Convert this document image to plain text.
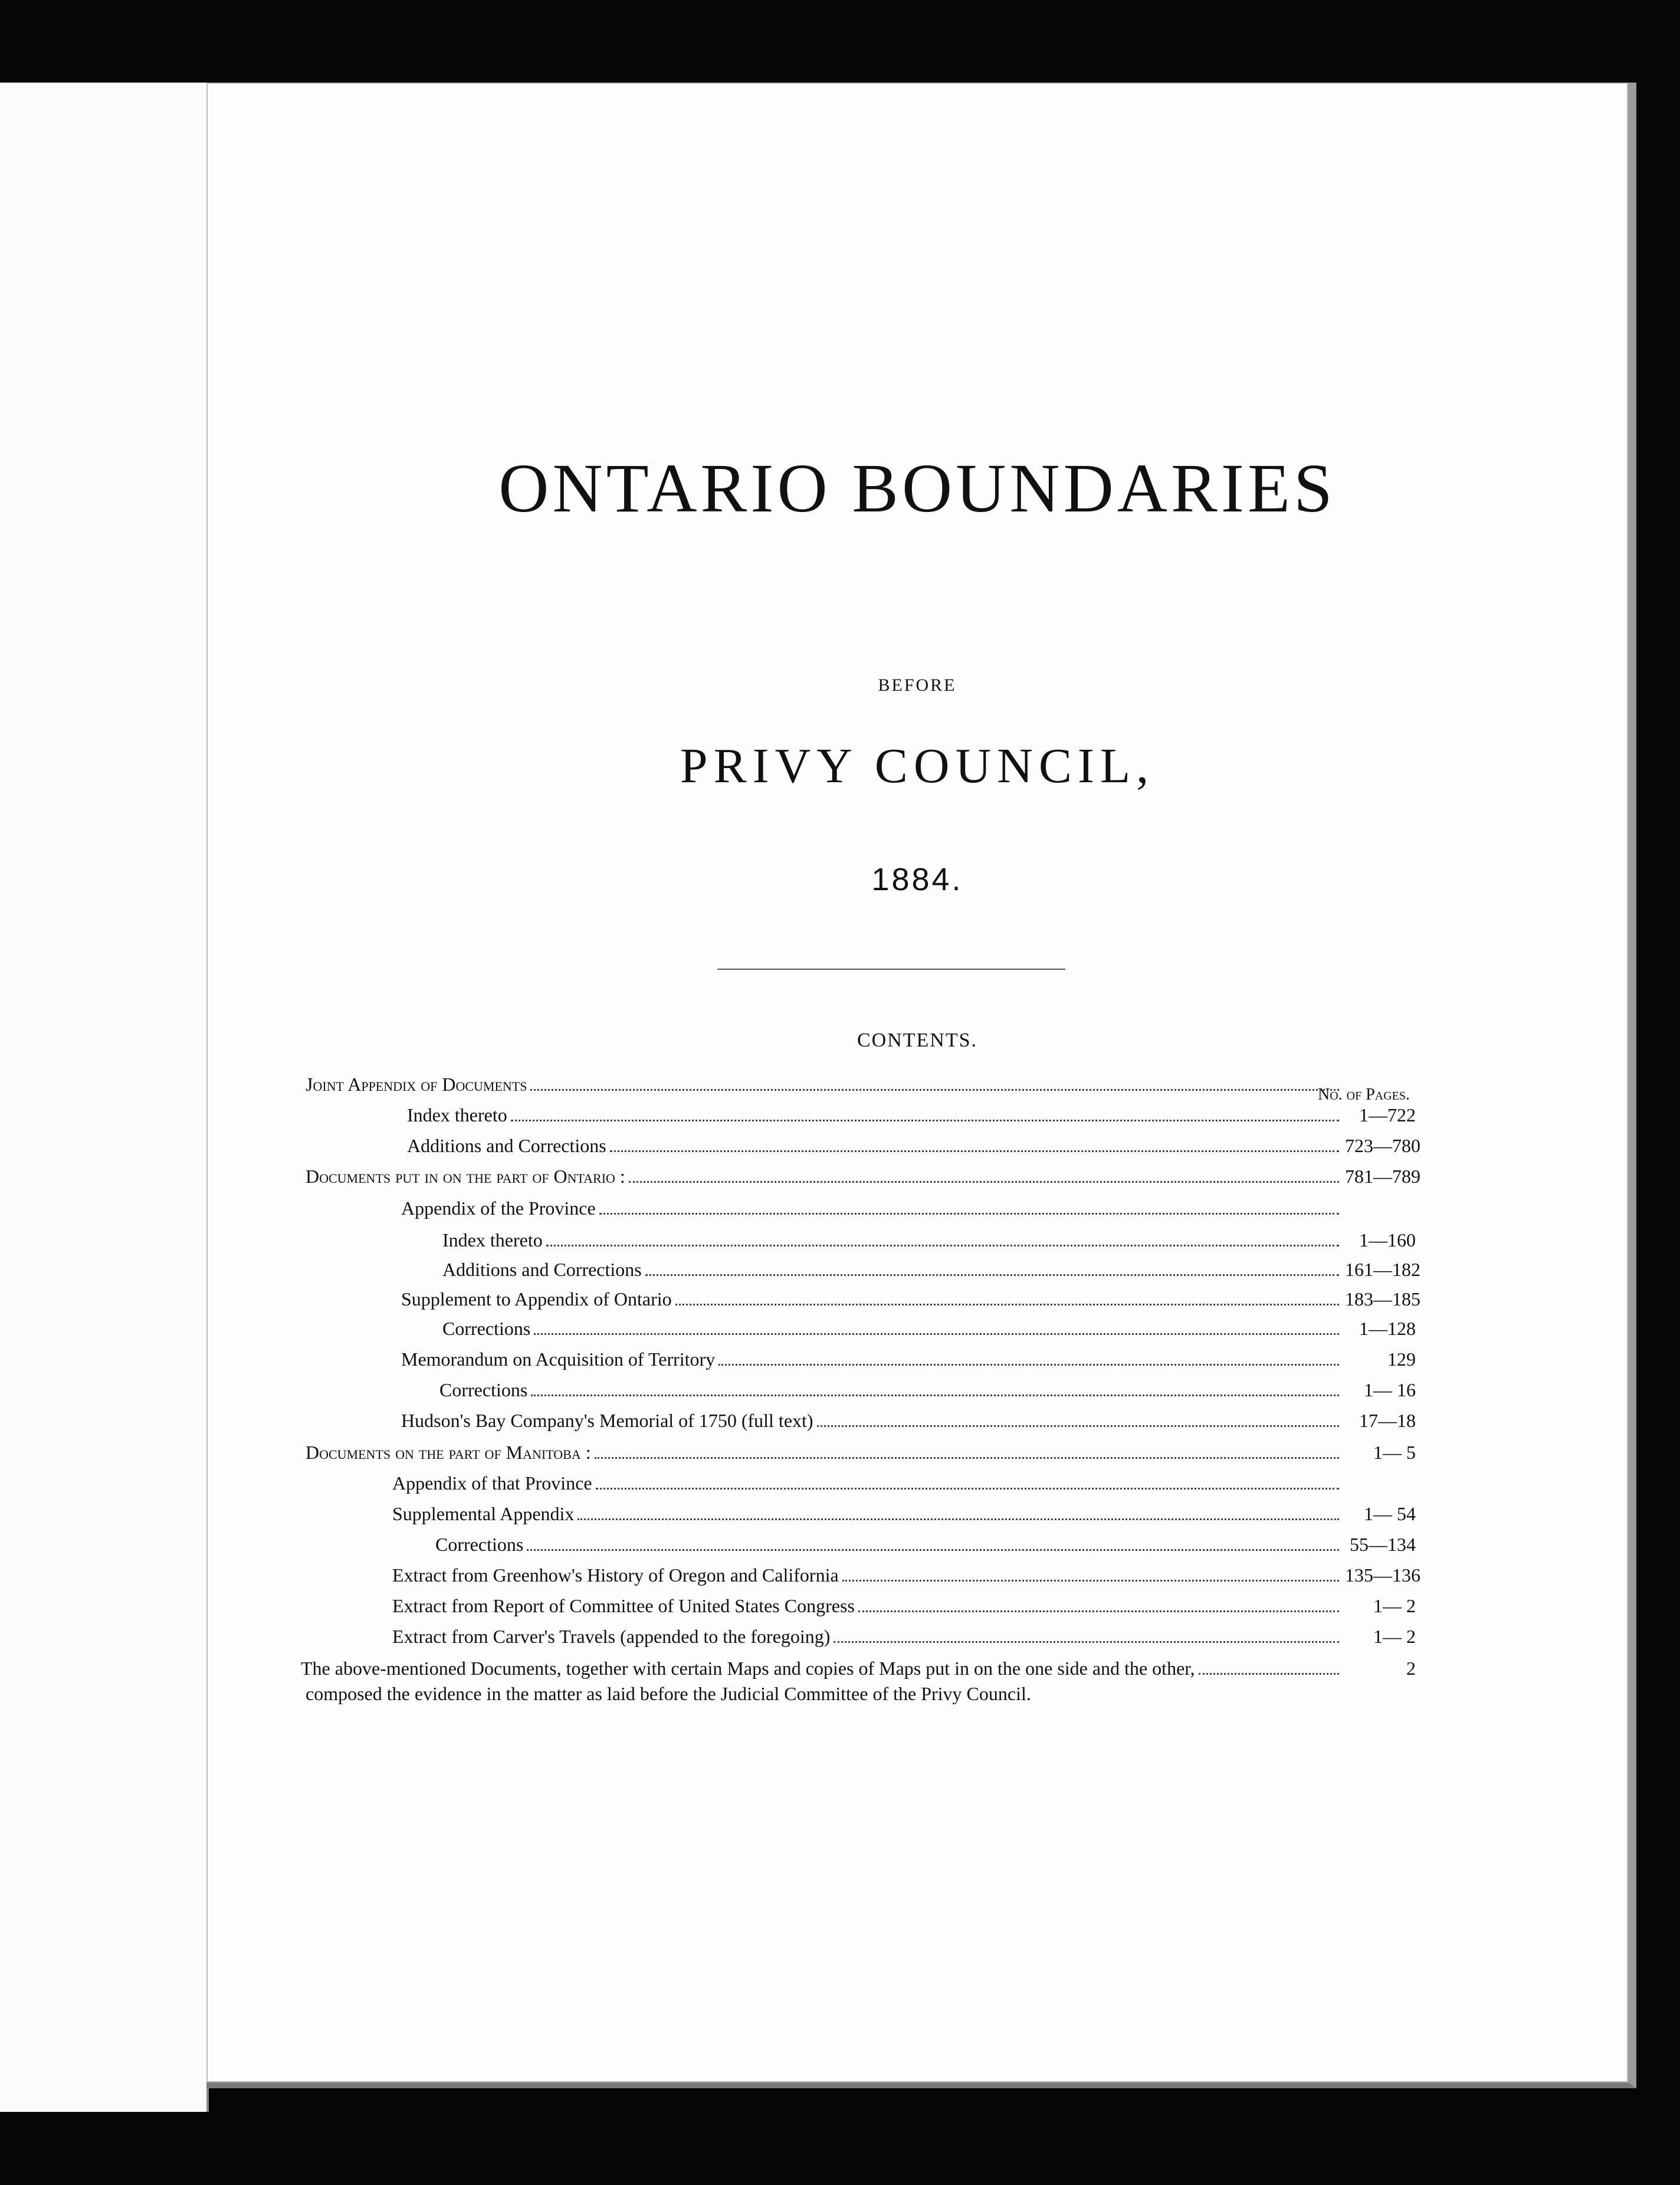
ONTARIO BOUNDARIES
BEFORE
PRIVY COUNCIL,
1884.
CONTENTS.
No. of Pages.
Joint Appendix of Documents
Index thereto	1—722
Additions and Corrections	723—780
Documents put in on the part of Ontario :	781—789
Appendix of the Province
Index thereto	1—160
Additions and Corrections	161—182
Supplement to Appendix of Ontario	183—185
Corrections	1—128
Memorandum on Acquisition of Territory	129
Corrections	1— 16
Hudson's Bay Company's Memorial of 1750 (full text)	17—18
Documents on the part of Manitoba :	1— 5
Appendix of that Province
Supplemental Appendix	1— 54
Corrections	55—134
Extract from Greenhow's History of Oregon and California	135—136
Extract from Report of Committee of United States Congress	1— 2
Extract from Carver's Travels (appended to the foregoing)	1— 2
The above-mentioned Documents, together with certain Maps and copies of Maps put in on the one side and the other,	2
composed the evidence in the matter as laid before the Judicial Committee of the Privy Council.
